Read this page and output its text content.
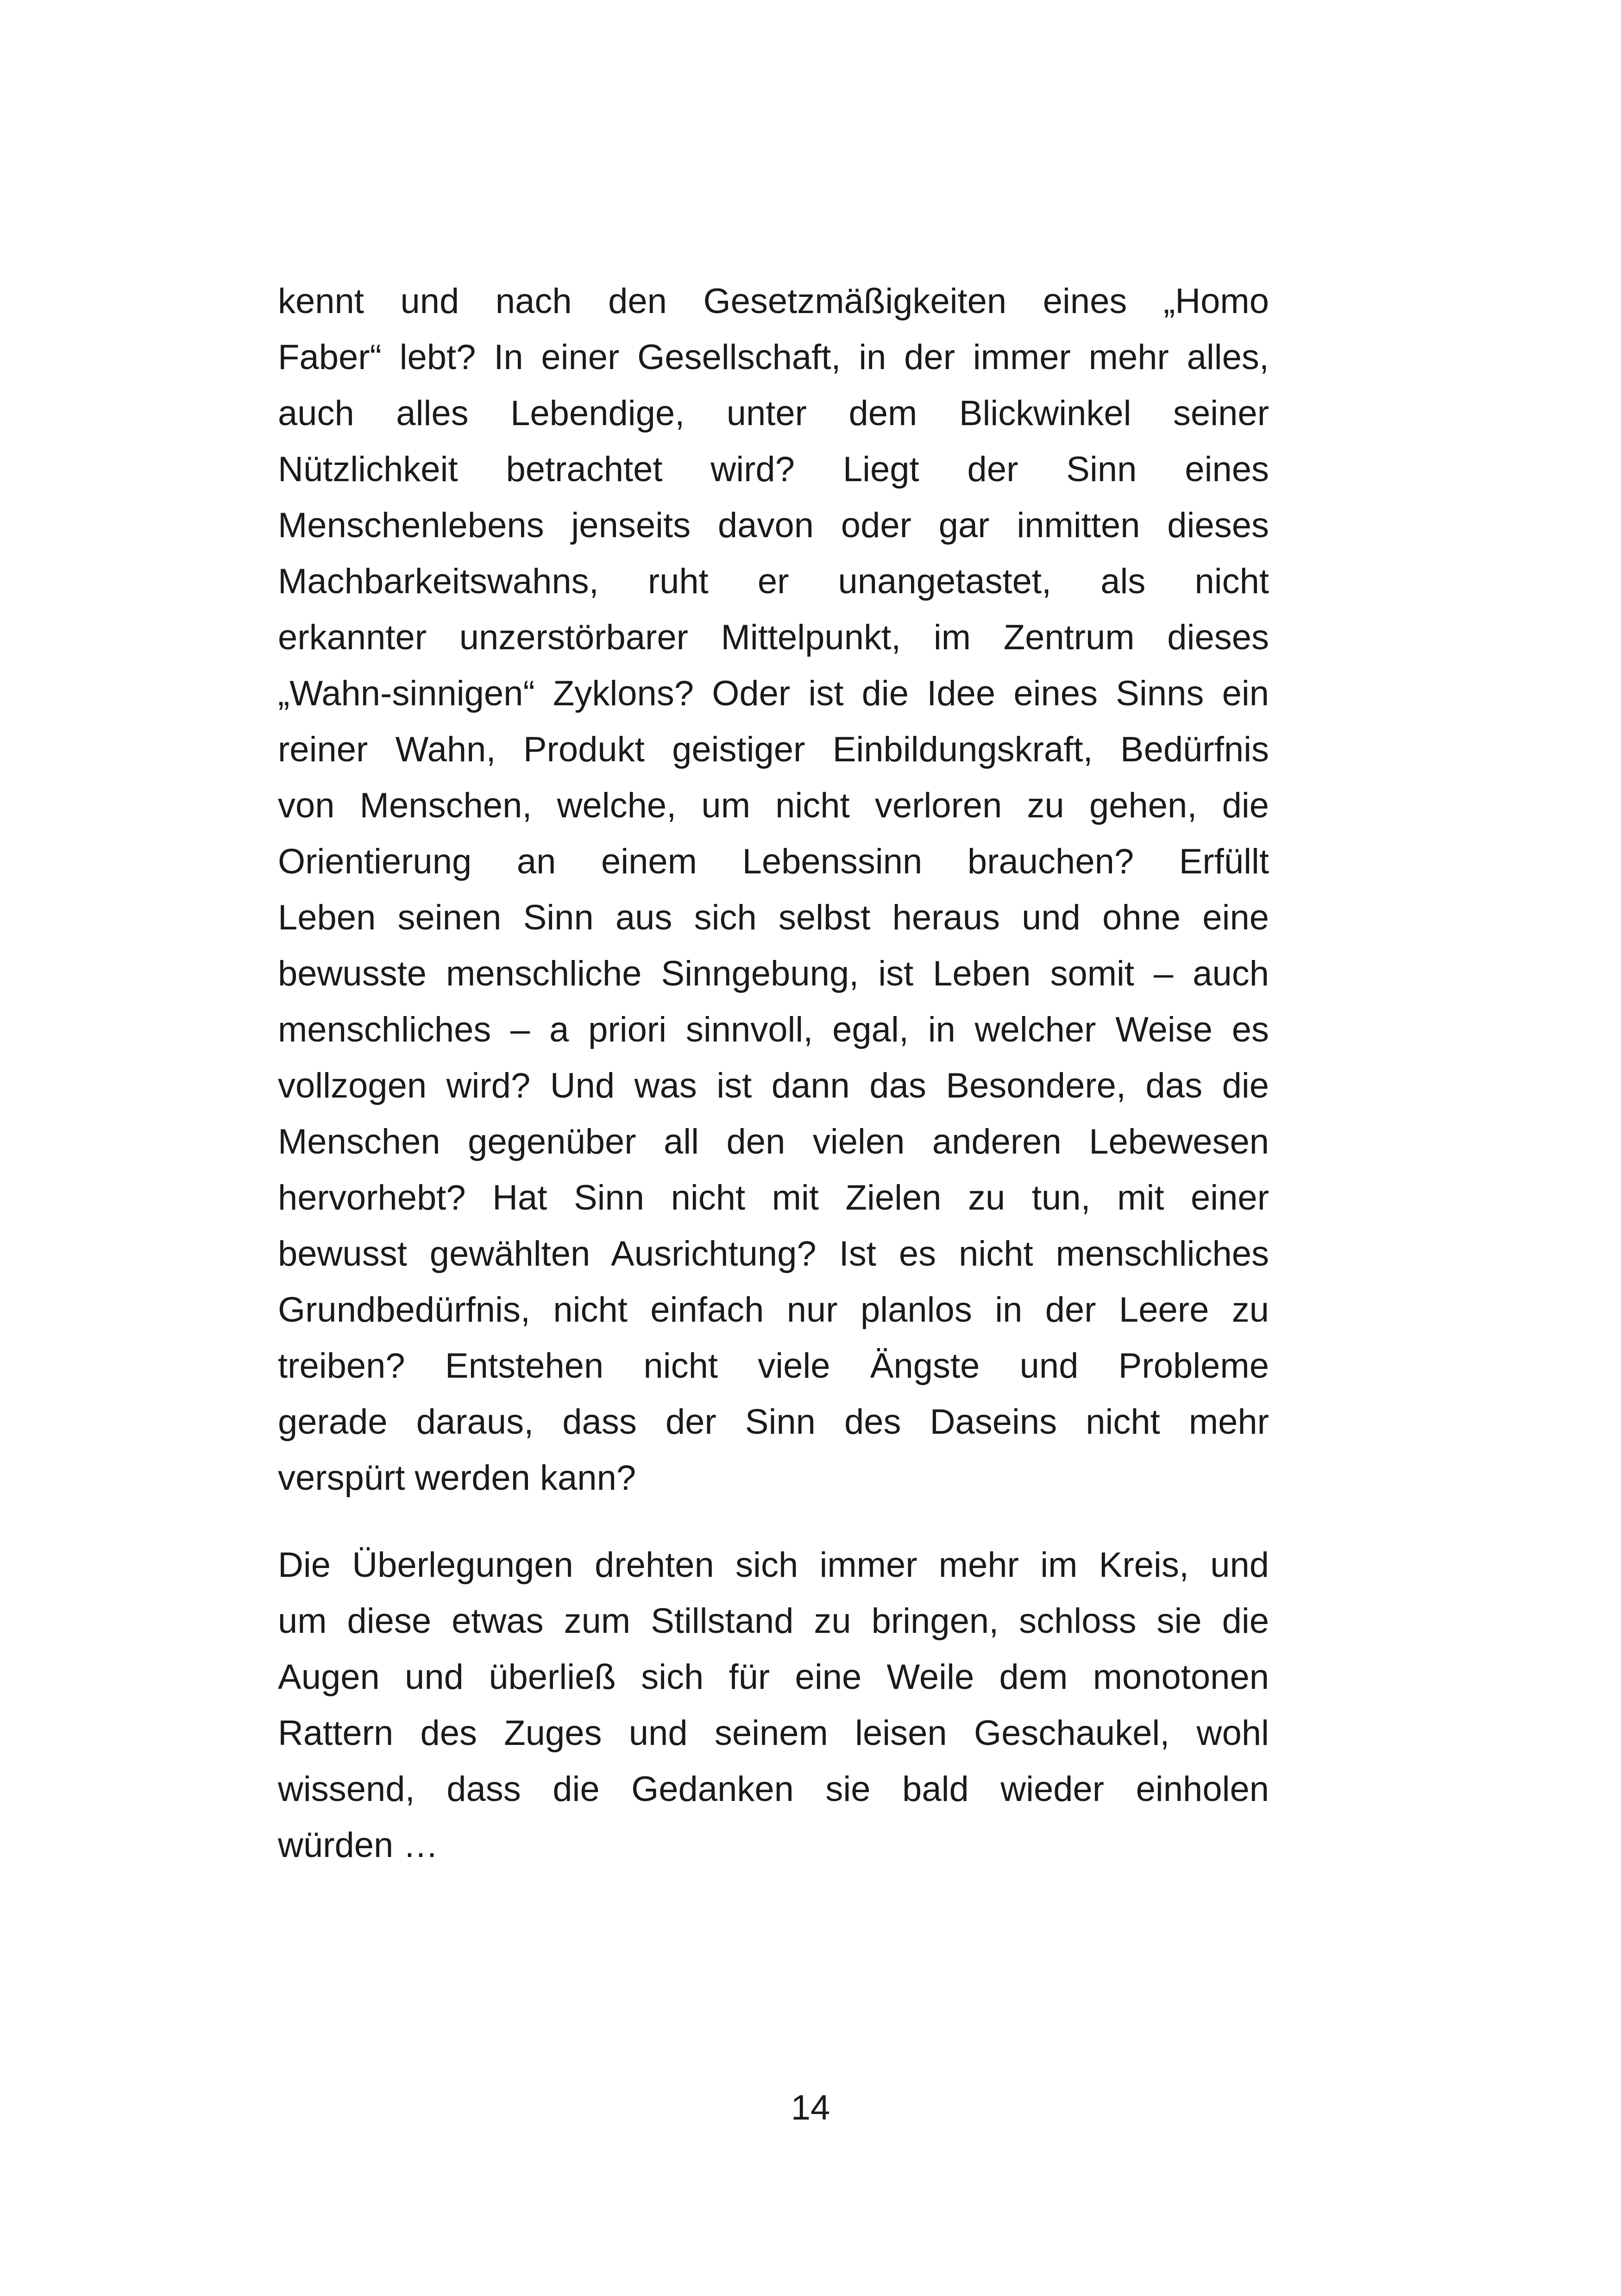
kennt und nach den Gesetzmäßigkeiten eines „Homo
Faber“ lebt? In einer Gesellschaft, in der immer mehr alles,
auch alles Lebendige, unter dem Blickwinkel seiner
Nützlichkeit betrachtet wird? Liegt der Sinn eines
Menschenlebens jenseits davon oder gar inmitten dieses
Machbarkeitswahns, ruht er unangetastet, als nicht
erkannter unzerstörbarer Mittelpunkt, im Zentrum dieses
„Wahn-sinnigen“ Zyklons? Oder ist die Idee eines Sinns ein
reiner Wahn, Produkt geistiger Einbildungskraft, Bedürfnis
von Menschen, welche, um nicht verloren zu gehen, die
Orientierung an einem Lebenssinn brauchen? Erfüllt
Leben seinen Sinn aus sich selbst heraus und ohne eine
bewusste menschliche Sinngebung, ist Leben somit – auch
menschliches – a priori sinnvoll, egal, in welcher Weise es
vollzogen wird? Und was ist dann das Besondere, das die
Menschen gegenüber all den vielen anderen Lebewesen
hervorhebt? Hat Sinn nicht mit Zielen zu tun, mit einer
bewusst gewählten Ausrichtung? Ist es nicht menschliches
Grundbedürfnis, nicht einfach nur planlos in der Leere zu
treiben? Entstehen nicht viele Ängste und Probleme
gerade daraus, dass der Sinn des Daseins nicht mehr
verspürt werden kann?
Die Überlegungen drehten sich immer mehr im Kreis, und
um diese etwas zum Stillstand zu bringen, schloss sie die
Augen und überließ sich für eine Weile dem monotonen
Rattern des Zuges und seinem leisen Geschaukel, wohl
wissend, dass die Gedanken sie bald wieder einholen
würden …
14
